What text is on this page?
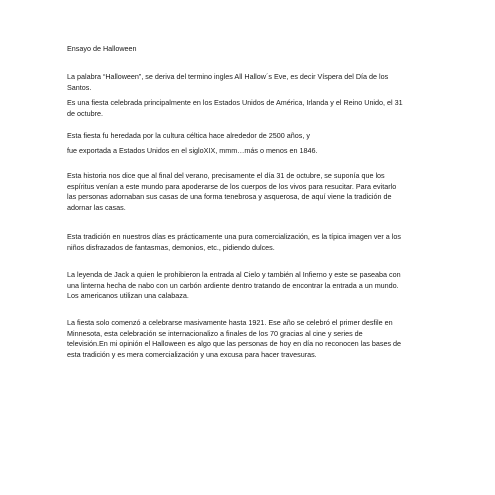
Ensayo de Halloween

La palabra “Halloween”, se deriva del termino ingles All Hallow´s Eve, es decir Víspera del Día de los Santos.

Es una fiesta celebrada principalmente en los Estados Unidos de América, Irlanda y el Reino Unido, el 31 de octubre.

Esta fiesta fu heredada por la cultura céltica hace alrededor de 2500 años, y

fue exportada a Estados Unidos en el sigloXIX, mmm…más o menos en 1846.

Esta historia nos dice que al final del verano, precisamente el día 31 de octubre, se suponía que los espíritus venían a este mundo para apoderarse de los cuerpos de los vivos para resucitar. Para evitarlo las personas adornaban sus casas de una forma tenebrosa y asquerosa, de aquí viene la tradición de adornar las casas.

Esta tradición en nuestros días es prácticamente una pura comercialización, es la típica imagen ver a los niños disfrazados de fantasmas, demonios, etc., pidiendo dulces.

La leyenda de Jack a quien le prohibieron la entrada al Cielo y también al Infierno y este se paseaba con una linterna hecha de nabo con un carbón ardiente dentro tratando de encontrar la entrada a un mundo. Los americanos utilizan una calabaza.

La fiesta solo comenzó a celebrarse masivamente hasta 1921. Ese año se celebró el primer desfile en Minnesota, esta celebración se internacionalizo a finales de los 70 gracias al cine y series de televisión.En mi opinión el Halloween es algo que las personas de hoy en día no reconocen las bases de esta tradición y es mera comercialización y una excusa para hacer travesuras.
